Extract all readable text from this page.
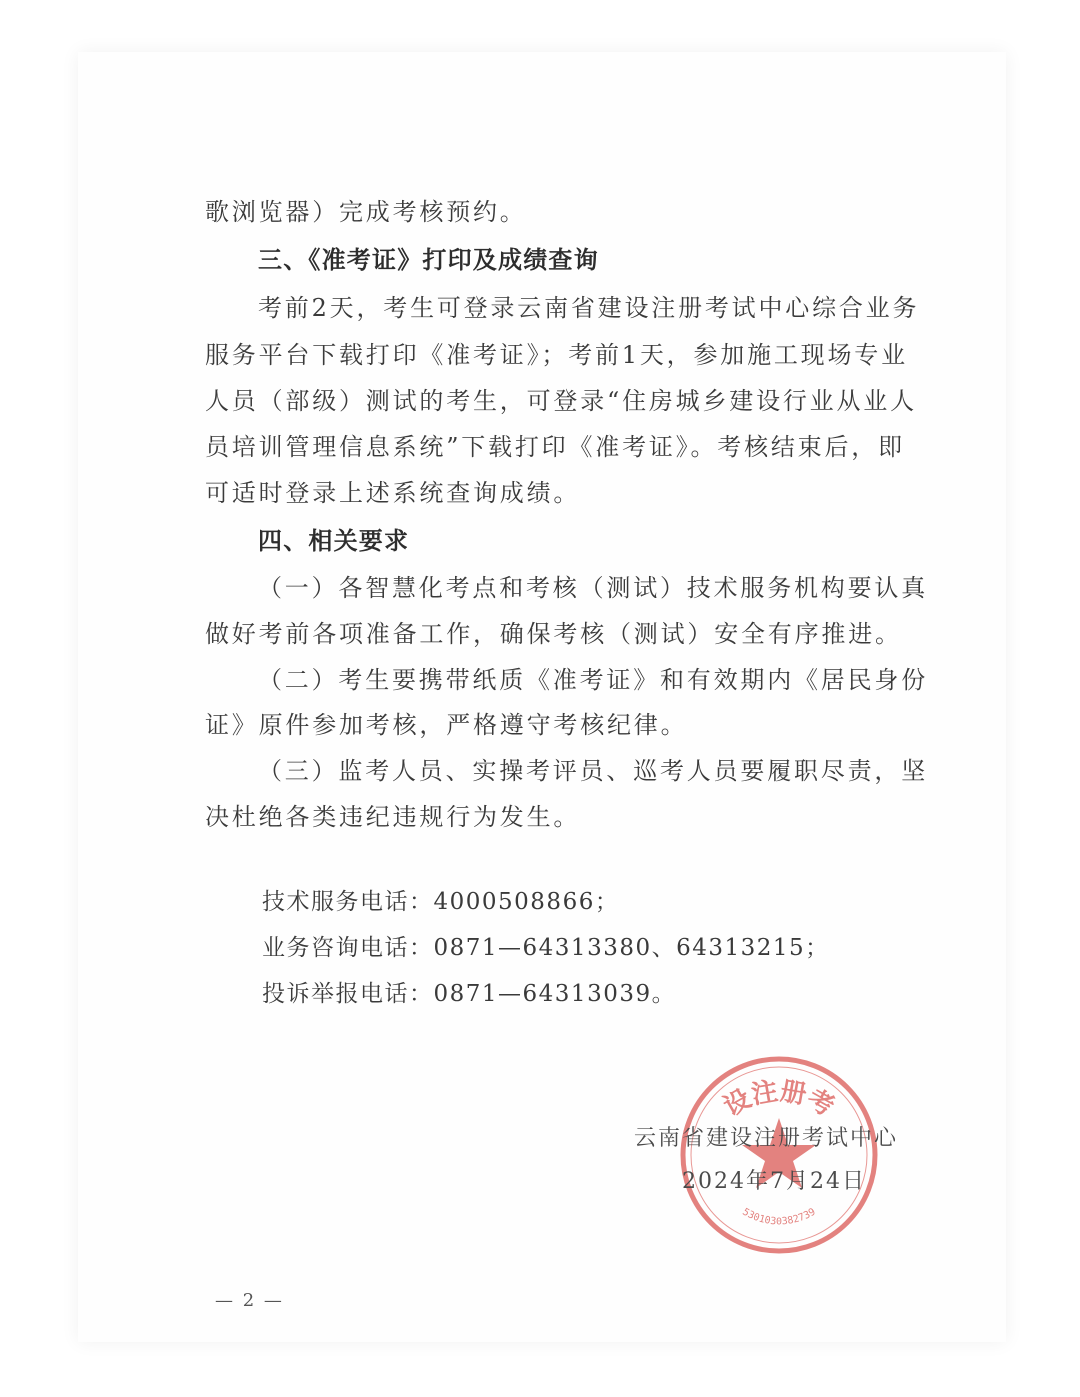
歌浏览器）完成考核预约。
三、《准考证》打印及成绩查询
考前2天，考生可登录云南省建设注册考试中心综合业务
服务平台下载打印《准考证》；考前1天，参加施工现场专业
人员（部级）测试的考生，可登录“住房城乡建设行业从业人
员培训管理信息系统”下载打印《准考证》。考核结束后，即
可适时登录上述系统查询成绩。
四、相关要求
（一）各智慧化考点和考核（测试）技术服务机构要认真
做好考前各项准备工作，确保考核（测试）安全有序推进。
（二）考生要携带纸质《准考证》和有效期内《居民身份
证》原件参加考核，严格遵守考核纪律。
（三）监考人员、实操考评员、巡考人员要履职尽责，坚
决杜绝各类违纪违规行为发生。
技术服务电话：4000508866；
业务咨询电话：0871—64313380、64313215；
投诉举报电话：0871—64313039。
设注册考
5301030382739
云南省建设注册考试中心
2024年7月24日
— 2 —
